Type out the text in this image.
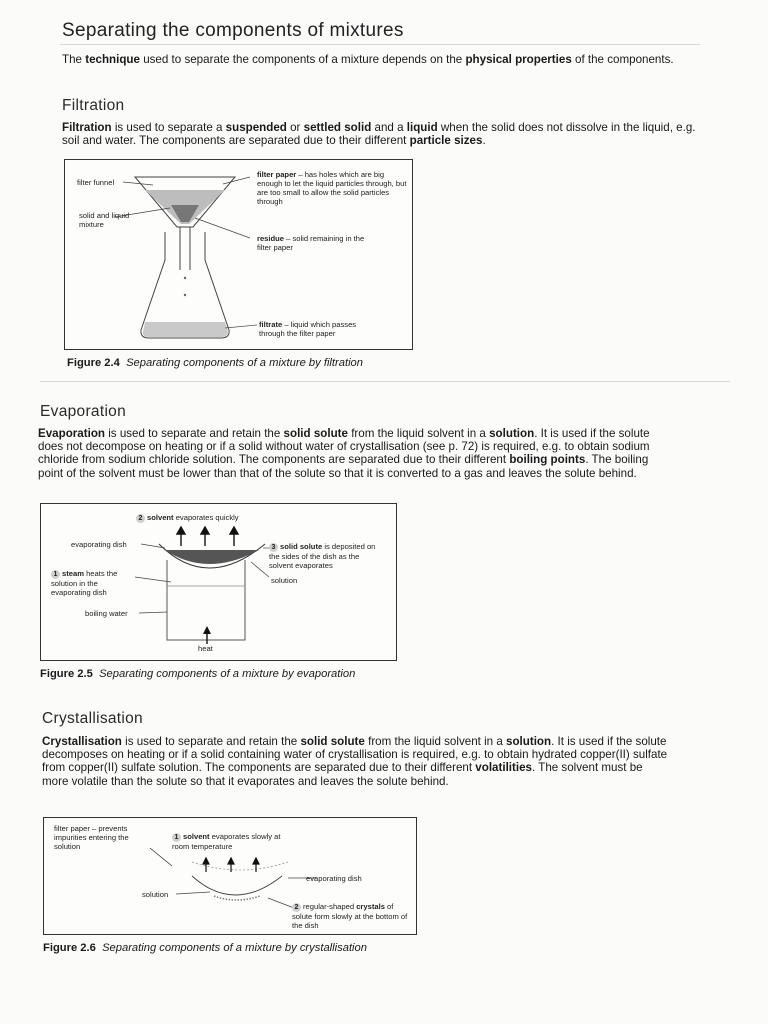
Separating the components of mixtures
The technique used to separate the components of a mixture depends on the physical properties of the components.
Filtration
Filtration is used to separate a suspended or settled solid and a liquid when the solid does not dissolve in the liquid, e.g. soil and water. The components are separated due to their different particle sizes.
filter funnel
solid and liquid mixture
filter paper – has holes which are big enough to let the liquid particles through, but are too small to allow the solid particles through
residue – solid remaining in the filter paper
filtrate – liquid which passes through the filter paper
Figure 2.4 Separating components of a mixture by filtration
Evaporation
Evaporation is used to separate and retain the solid solute from the liquid solvent in a solution. It is used if the solute does not decompose on heating or if a solid without water of crystallisation (see p. 72) is required, e.g. to obtain sodium chloride from sodium chloride solution. The components are separated due to their different boiling points. The boiling point of the solvent must be lower than that of the solute so that it is converted to a gas and leaves the solute behind.
2 solvent evaporates quickly
evaporating dish	3 solid solute is deposited on the sides of the dish as the solvent evaporates
1 steam heats the solution in the evaporating dish
solution
boiling water
heat
Figure 2.5 Separating components of a mixture by evaporation
Crystallisation
Crystallisation is used to separate and retain the solid solute from the liquid solvent in a solution. It is used if the solute decomposes on heating or if a solid containing water of crystallisation is required, e.g. to obtain hydrated copper(II) sulfate from copper(II) sulfate solution. The components are separated due to their different volatilities. The solvent must be more volatile than the solute so that it evaporates and leaves the solute behind.
filter paper – prevents impurities entering the solution
1 solvent evaporates slowly at room temperature
evaporating dish
solution
2 regular-shaped crystals of solute form slowly at the bottom of the dish
Figure 2.6 Separating components of a mixture by crystallisation
